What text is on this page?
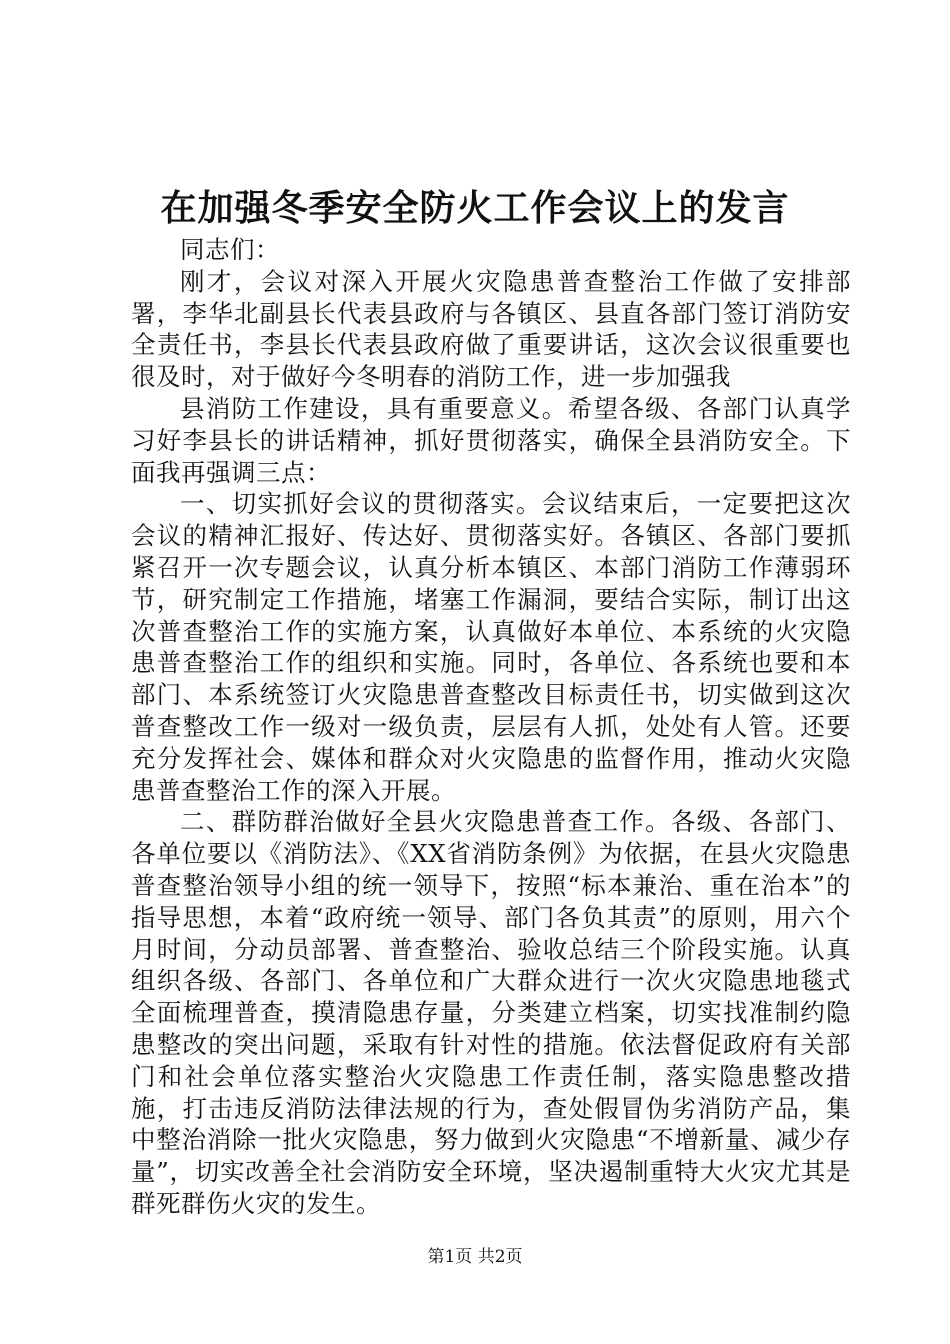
在加强冬季安全防火工作会议上的发言

同志们：

刚才，会议对深入开展火灾隐患普查整治工作做了安排部署，李华北副县长代表县政府与各镇区、县直各部门签订消防安全责任书，李县长代表县政府做了重要讲话，这次会议很重要也很及时，对于做好今冬明春的消防工作，进一步加强我

县消防工作建设，具有重要意义。希望各级、各部门认真学习好李县长的讲话精神，抓好贯彻落实，确保全县消防安全。下面我再强调三点：

一、切实抓好会议的贯彻落实。会议结束后，一定要把这次会议的精神汇报好、传达好、贯彻落实好。各镇区、各部门要抓紧召开一次专题会议，认真分析本镇区、本部门消防工作薄弱环节，研究制定工作措施，堵塞工作漏洞，要结合实际，制订出这次普查整治工作的实施方案，认真做好本单位、本系统的火灾隐患普查整治工作的组织和实施。同时，各单位、各系统也要和本部门、本系统签订火灾隐患普查整改目标责任书，切实做到这次普查整改工作一级对一级负责，层层有人抓，处处有人管。还要充分发挥社会、媒体和群众对火灾隐患的监督作用，推动火灾隐患普查整治工作的深入开展。

二、群防群治做好全县火灾隐患普查工作。各级、各部门、各单位要以《消防法》、《XX省消防条例》为依据，在县火灾隐患普查整治领导小组的统一领导下，按照“标本兼治、重在治本”的指导思想，本着“政府统一领导、部门各负其责”的原则，用六个月时间，分动员部署、普查整治、验收总结三个阶段实施。认真组织各级、各部门、各单位和广大群众进行一次火灾隐患地毯式全面梳理普查，摸清隐患存量，分类建立档案，切实找准制约隐患整改的突出问题，采取有针对性的措施。依法督促政府有关部门和社会单位落实整治火灾隐患工作责任制，落实隐患整改措施，打击违反消防法律法规的行为，查处假冒伪劣消防产品，集中整治消除一批火灾隐患，努力做到火灾隐患“不增新量、减少存量”，切实改善全社会消防安全环境，坚决遏制重特大火灾尤其是群死群伤火灾的发生。

第1页 共2页
